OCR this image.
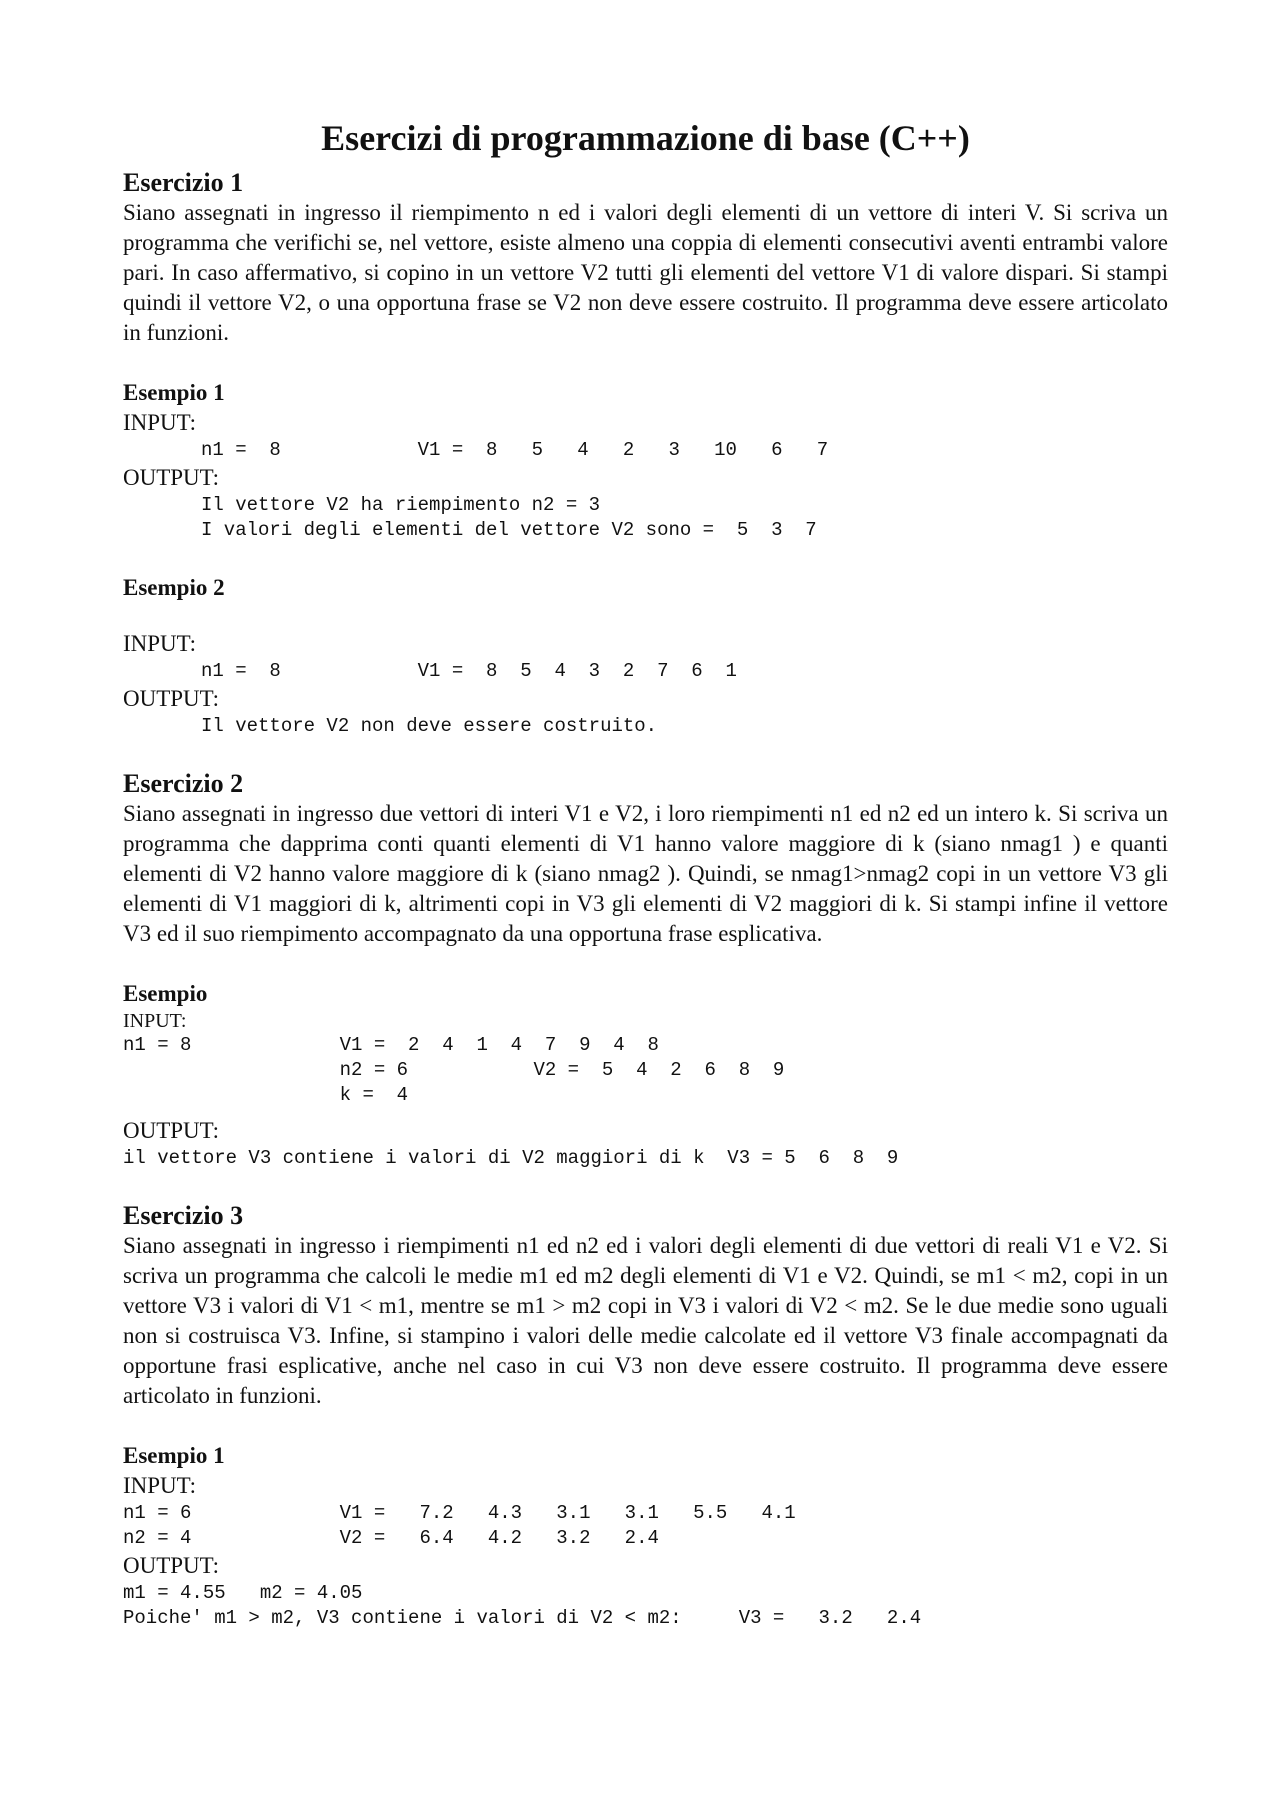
Esercizi di programmazione di base (C++)
Esercizio 1

Siano assegnati in ingresso il riempimento n ed i valori degli elementi di un vettore di interi V. Si scriva un programma che verifichi se, nel vettore, esiste almeno una coppia di elementi consecutivi aventi entrambi valore pari. In caso affermativo, si copino in un vettore V2 tutti gli elementi del vettore V1 di valore dispari. Si stampi quindi il vettore V2, o una opportuna frase se V2 non deve essere costruito. Il programma deve essere articolato in funzioni.

Esempio 1
INPUT:
n1 =  8            V1 =  8   5   4   2   3   10   6   7
OUTPUT:
Il vettore V2 ha riempimento n2 = 3
I valori degli elementi del vettore V2 sono =  5  3  7
Esempio 2
INPUT:
n1 =  8            V1 =  8  5  4  3  2  7  6  1
OUTPUT:
Il vettore V2 non deve essere costruito.
Esercizio 2

Siano assegnati in ingresso due vettori di interi V1 e V2, i loro riempimenti n1 ed n2 ed un intero k. Si scriva un programma che dapprima conti quanti elementi di V1 hanno valore maggiore di k (siano nmag1 ) e quanti elementi di V2 hanno valore maggiore di k (siano nmag2 ). Quindi, se nmag1>nmag2 copi in un vettore V3 gli elementi di V1 maggiori di k, altrimenti copi in V3 gli elementi di V2 maggiori di k. Si stampi infine il vettore V3 ed il suo riempimento accompagnato da una opportuna frase esplicativa.

Esempio
INPUT:
n1 = 8             V1 =  2  4  1  4  7  9  4  8
n2 = 6           V2 =  5  4  2  6  8  9
k =  4
OUTPUT:
il vettore V3 contiene i valori di V2 maggiori di k  V3 = 5  6  8  9
Esercizio 3

Siano assegnati in ingresso i riempimenti n1 ed n2 ed i valori degli elementi di due vettori di reali V1 e V2. Si scriva un programma che calcoli le medie m1 ed m2 degli elementi di V1 e V2. Quindi, se m1 < m2, copi in un vettore V3 i valori di V1 < m1, mentre se m1 > m2 copi in V3 i valori di V2 < m2. Se le due medie sono uguali non si costruisca V3. Infine, si stampino i valori delle medie calcolate ed il vettore V3 finale accompagnati da opportune frasi esplicative, anche nel caso in cui V3 non deve essere costruito. Il programma deve essere articolato in funzioni.

Esempio 1
INPUT:
n1 = 6             V1 =   7.2   4.3   3.1   3.1   5.5   4.1
n2 = 4             V2 =   6.4   4.2   3.2   2.4
OUTPUT:
m1 = 4.55   m2 = 4.05
Poiche' m1 > m2, V3 contiene i valori di V2 < m2:     V3 =   3.2   2.4
